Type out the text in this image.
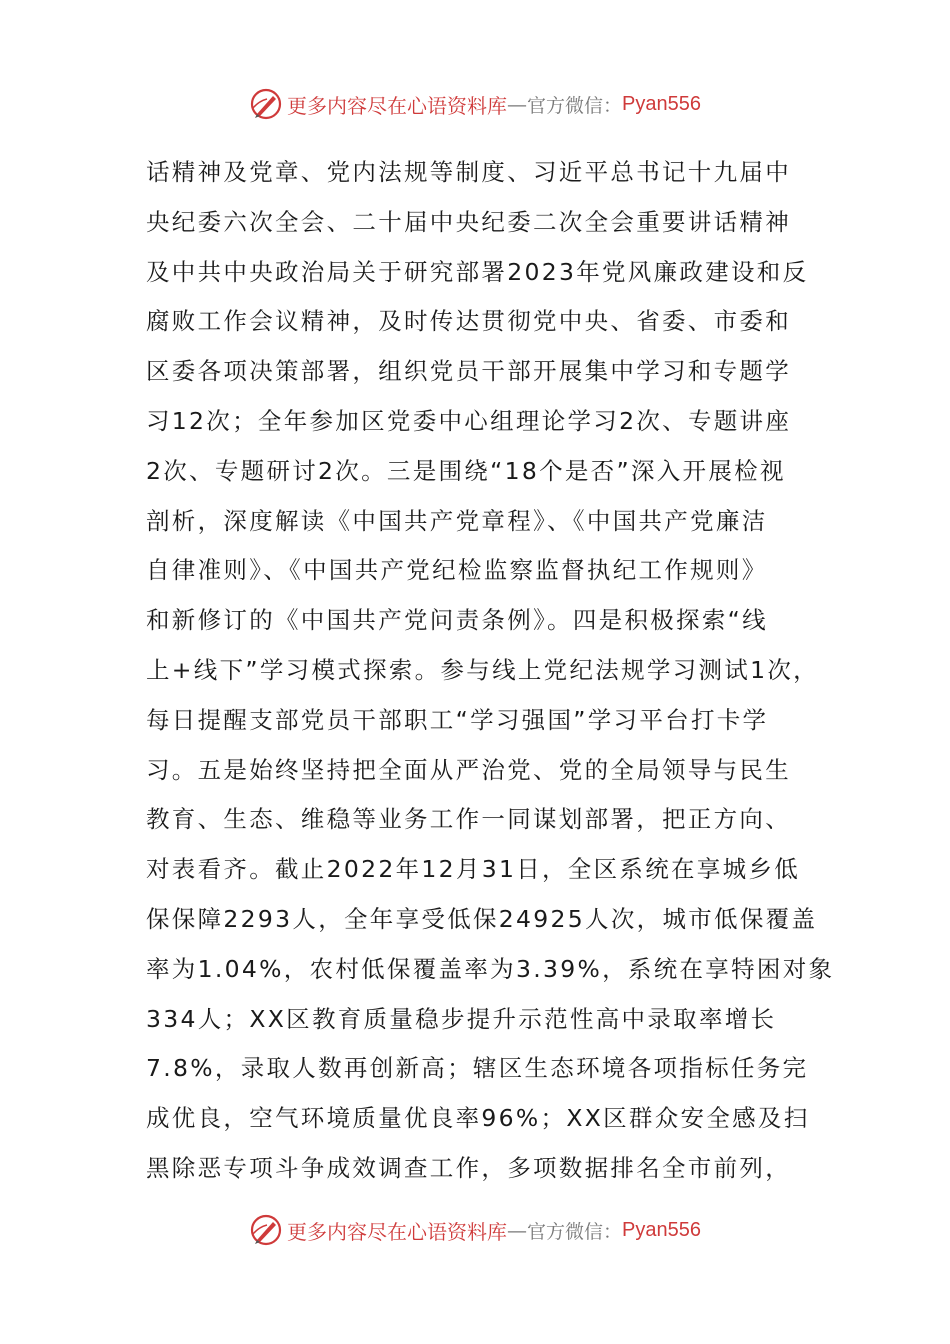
更多内容尽在心语资料库 — 官方微信： Pyan556
话精神及党章、党内法规等制度、习近平总书记十九届中
央纪委六次全会、二十届中央纪委二次全会重要讲话精神
及中共中央政治局关于研究部署2023年党风廉政建设和反
腐败工作会议精神，及时传达贯彻党中央、省委、市委和
区委各项决策部署，组织党员干部开展集中学习和专题学
习12次；全年参加区党委中心组理论学习2次、专题讲座
2次、专题研讨2次。三是围绕“18个是否”深入开展检视
剖析，深度解读《中国共产党章程》、《中国共产党廉洁
自律准则》、《中国共产党纪检监察监督执纪工作规则》
和新修订的《中国共产党问责条例》。四是积极探索“线
上+线下”学习模式探索。参与线上党纪法规学习测试1次，
每日提醒支部党员干部职工“学习强国”学习平台打卡学
习。五是始终坚持把全面从严治党、党的全局领导与民生
教育、生态、维稳等业务工作一同谋划部署，把正方向、
对表看齐。截止2022年12月31日，全区系统在享城乡低
保保障2293人，全年享受低保24925人次，城市低保覆盖
率为1.04%，农村低保覆盖率为3.39%，系统在享特困对象
334人；XX区教育质量稳步提升示范性高中录取率增长
7.8%，录取人数再创新高；辖区生态环境各项指标任务完
成优良，空气环境质量优良率96%；XX区群众安全感及扫
黑除恶专项斗争成效调查工作，多项数据排名全市前列，
更多内容尽在心语资料库 — 官方微信： Pyan556
